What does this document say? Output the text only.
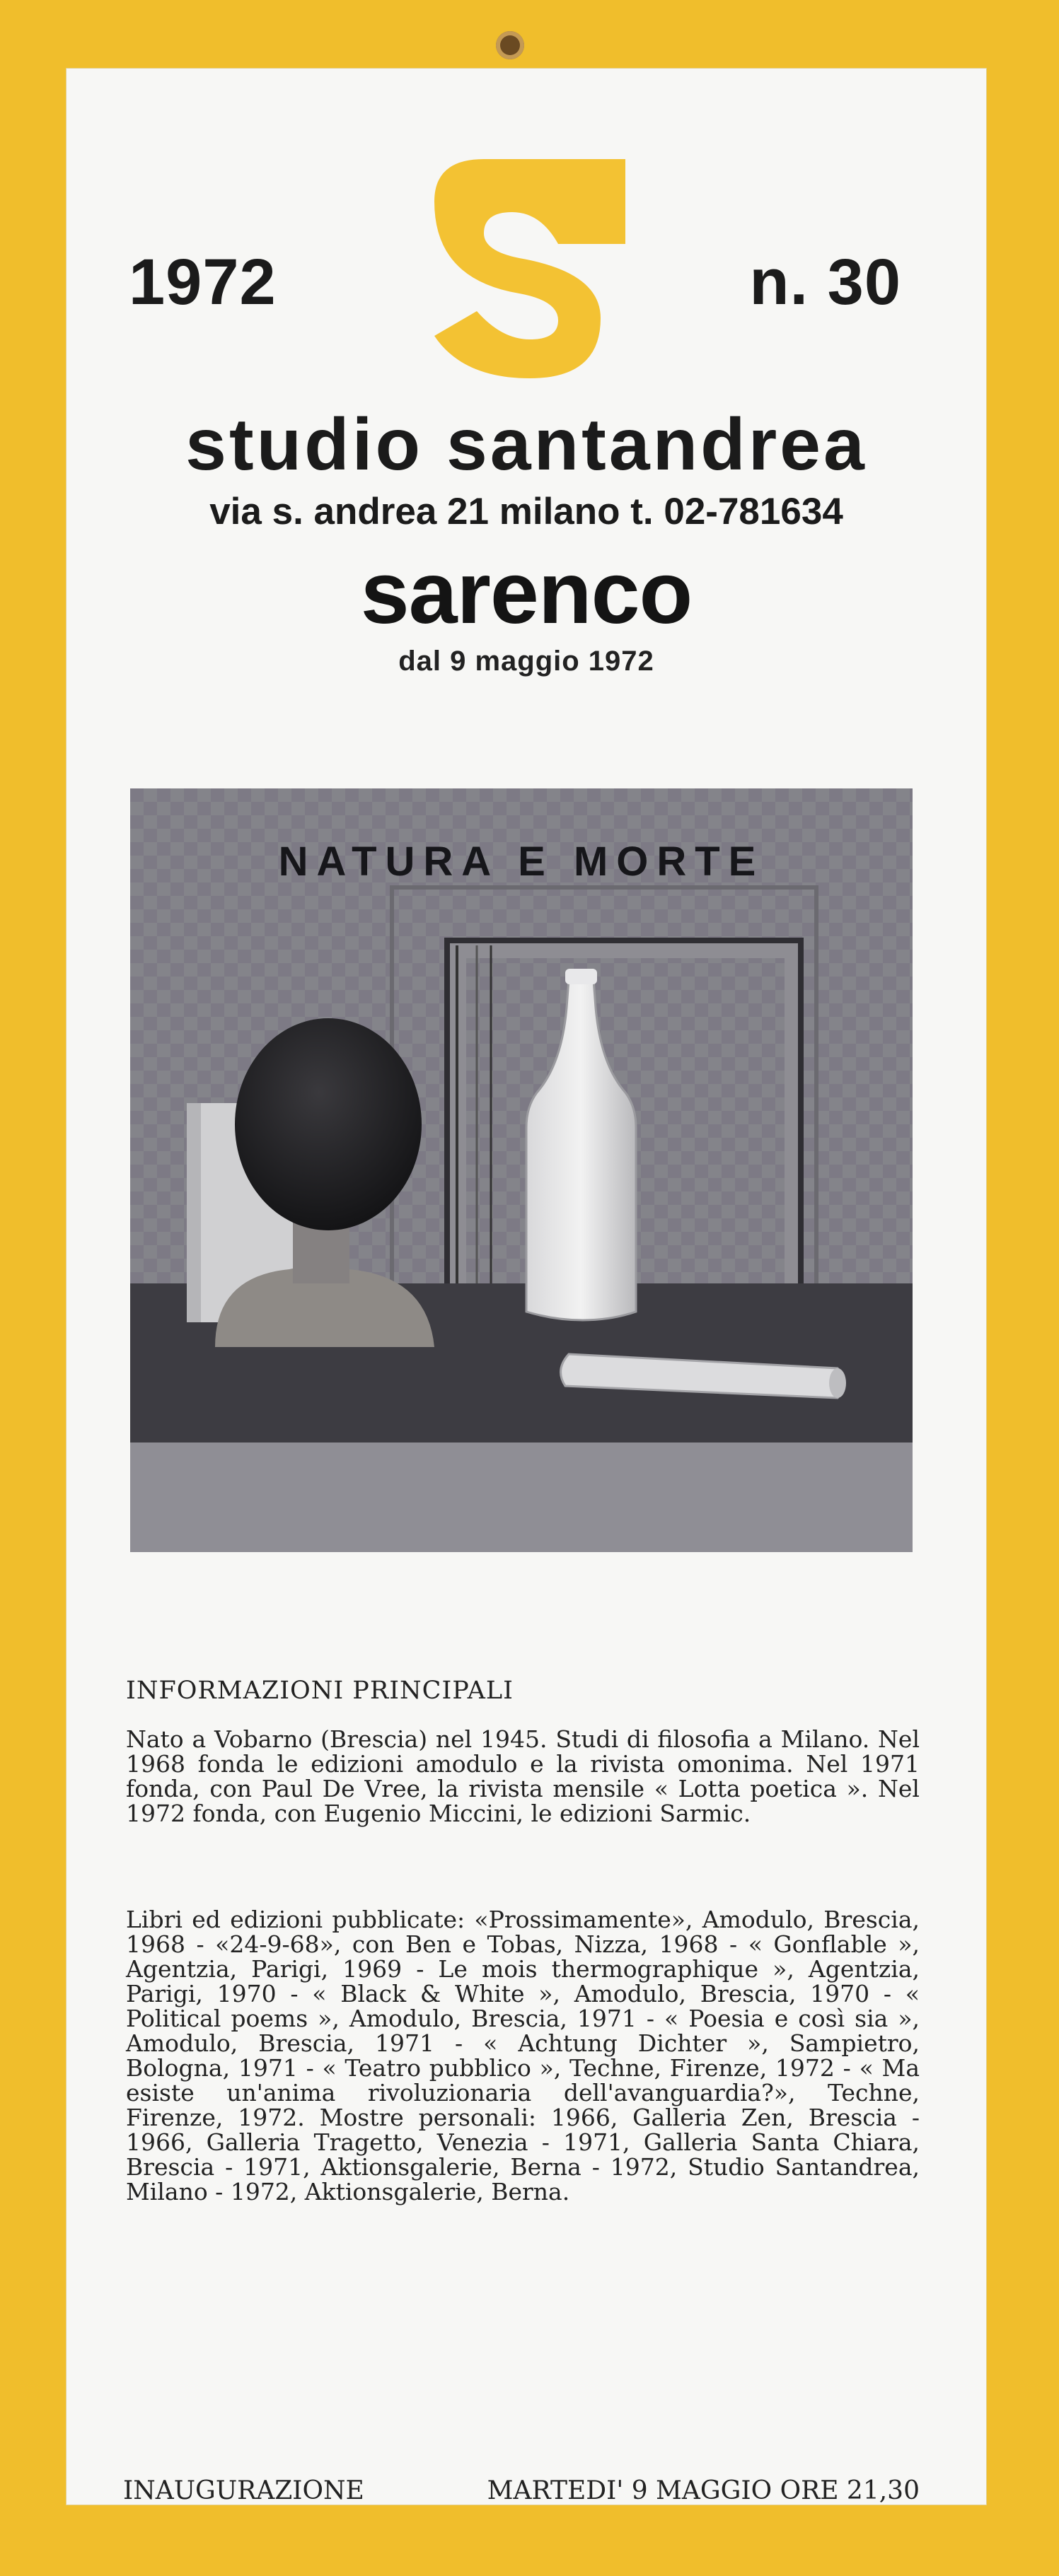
1972	n. 30
studio santandrea
via s. andrea 21 milano t. 02-781634
sarenco
dal 9 maggio 1972
NATURA E MORTE
INFORMAZIONI PRINCIPALI
Nato a Vobarno (Brescia) nel 1945. Studi di filosofia a Milano. Nel 1968 fonda le edizioni amodulo e la rivista omonima. Nel 1971 fonda, con Paul De Vree, la rivista mensile « Lotta poetica ». Nel 1972 fonda, con Eugenio Miccini, le edizioni Sarmic.
Libri ed edizioni pubblicate: «Prossimamente», Amodulo, Brescia, 1968 - «24-9-68», con Ben e Tobas, Nizza, 1968 - « Gonflable », Agentzia, Parigi, 1969 - Le mois thermographique », Agentzia, Parigi, 1970 - « Black & White », Amodulo, Brescia, 1970 - « Political poems », Amodulo, Brescia, 1971 - « Poesia e così sia », Amodulo, Brescia, 1971 - « Achtung Dichter », Sampietro, Bologna, 1971 - « Teatro pubblico », Techne, Firenze, 1972 - « Ma esiste un'anima rivoluzionaria dell'avanguardia?», Techne, Firenze, 1972. Mostre personali: 1966, Galleria Zen, Brescia - 1966, Galleria Tragetto, Venezia - 1971, Galleria Santa Chiara, Brescia - 1971, Aktionsgalerie, Berna - 1972, Studio Santandrea, Milano - 1972, Aktionsgalerie, Berna.
INAUGURAZIONE	MARTEDI' 9 MAGGIO ORE 21,30
